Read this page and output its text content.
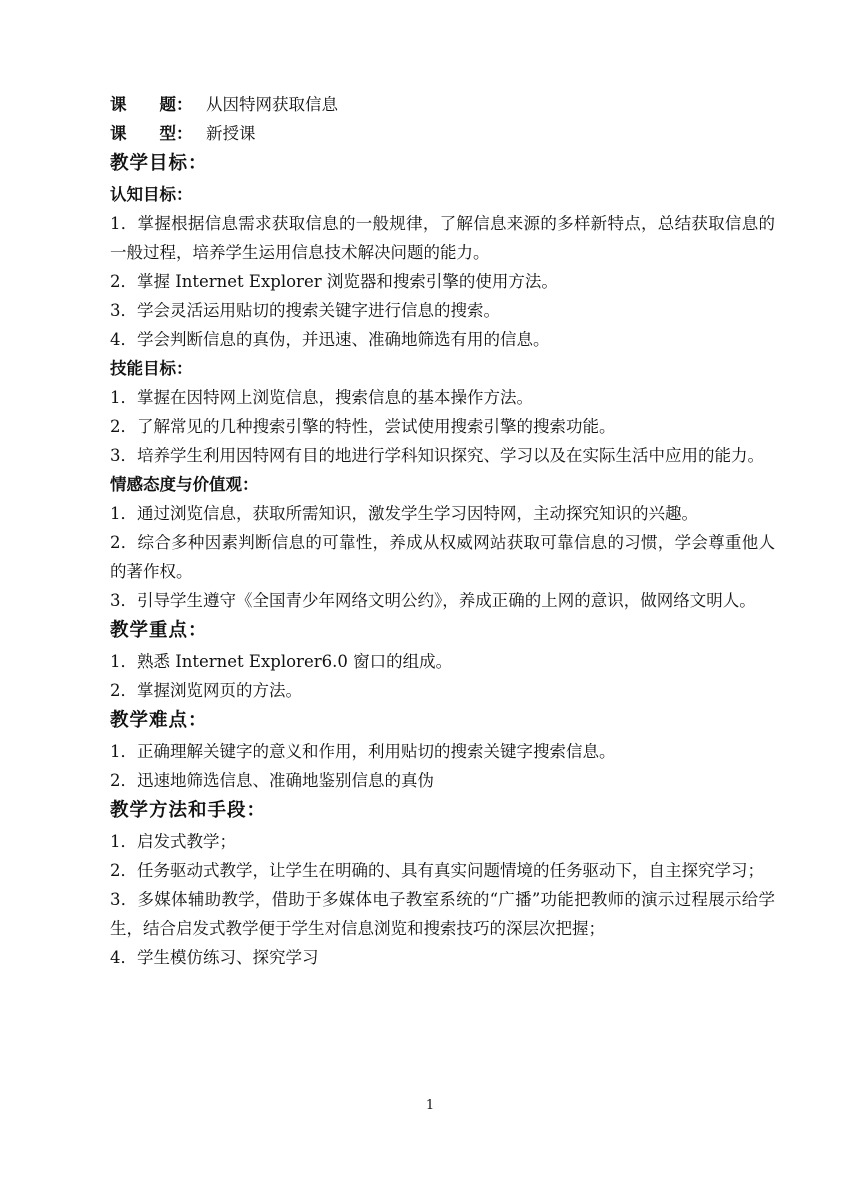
课　　题： 从因特网获取信息
课　　型： 新授课
教学目标：
认知目标：
1．掌握根据信息需求获取信息的一般规律，了解信息来源的多样新特点，总结获取信息的一般过程，培养学生运用信息技术解决问题的能力。
2．掌握 Internet Explorer 浏览器和搜索引擎的使用方法。
3．学会灵活运用贴切的搜索关键字进行信息的搜索。
4．学会判断信息的真伪，并迅速、准确地筛选有用的信息。
技能目标：
1．掌握在因特网上浏览信息，搜索信息的基本操作方法。
2．了解常见的几种搜索引擎的特性，尝试使用搜索引擎的搜索功能。
3．培养学生利用因特网有目的地进行学科知识探究、学习以及在实际生活中应用的能力。
情感态度与价值观：
1．通过浏览信息，获取所需知识，激发学生学习因特网，主动探究知识的兴趣。
2．综合多种因素判断信息的可靠性，养成从权威网站获取可靠信息的习惯，学会尊重他人的著作权。
3．引导学生遵守《全国青少年网络文明公约》，养成正确的上网的意识，做网络文明人。
教学重点：
1．熟悉 Internet Explorer6.0 窗口的组成。
2．掌握浏览网页的方法。
教学难点：
1．正确理解关键字的意义和作用，利用贴切的搜索关键字搜索信息。
2．迅速地筛选信息、准确地鉴别信息的真伪
教学方法和手段：
1．启发式教学；
2．任务驱动式教学，让学生在明确的、具有真实问题情境的任务驱动下，自主探究学习；
3．多媒体辅助教学，借助于多媒体电子教室系统的“广播”功能把教师的演示过程展示给学生，结合启发式教学便于学生对信息浏览和搜索技巧的深层次把握；
4．学生模仿练习、探究学习
1
